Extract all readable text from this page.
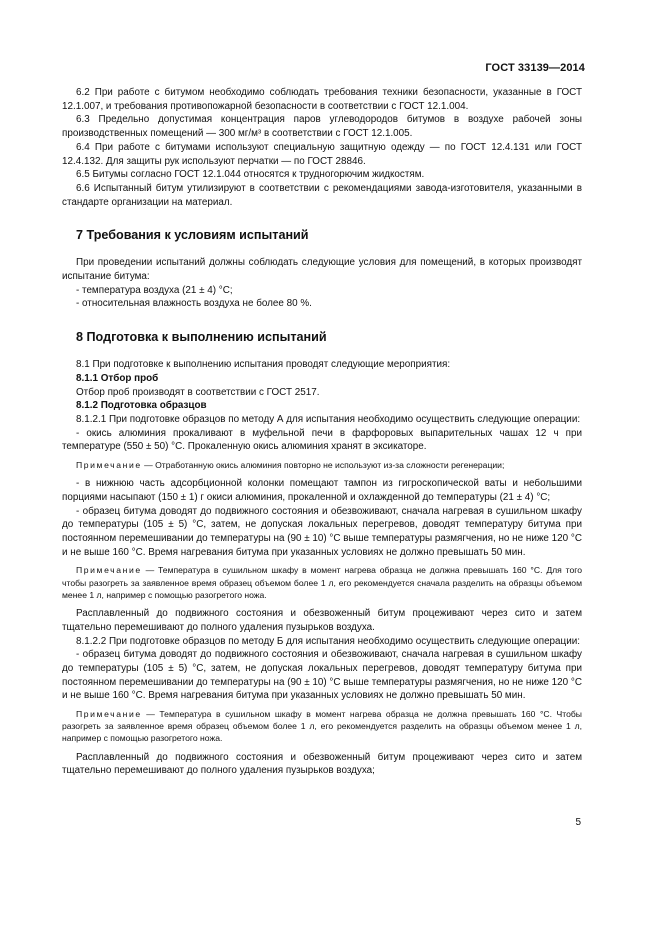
ГОСТ 33139—2014

6.2 При работе с битумом необходимо соблюдать требования техники безопасности, указанные в ГОСТ 12.1.007, и требования противопожарной безопасности в соответствии с ГОСТ 12.1.004.

6.3 Предельно допустимая концентрация паров углеводородов битумов в воздухе рабочей зоны производственных помещений — 300 мг/м³ в соответствии с ГОСТ 12.1.005.

6.4 При работе с битумами используют специальную защитную одежду — по ГОСТ 12.4.131 или ГОСТ 12.4.132. Для защиты рук используют перчатки — по ГОСТ 28846.

6.5 Битумы согласно ГОСТ 12.1.044 относятся к трудногорючим жидкостям.

6.6 Испытанный битум утилизируют в соответствии с рекомендациями завода-изготовителя, указанными в стандарте организации на материал.

7 Требования к условиям испытаний

При проведении испытаний должны соблюдать следующие условия для помещений, в которых производят испытание битума:

- температура воздуха (21 ± 4) °C;

- относительная влажность воздуха не более 80 %.

8 Подготовка к выполнению испытаний

8.1 При подготовке к выполнению испытания проводят следующие мероприятия:

8.1.1 Отбор проб

Отбор проб производят в соответствии с ГОСТ 2517.

8.1.2 Подготовка образцов

8.1.2.1 При подготовке образцов по методу А для испытания необходимо осуществить следующие операции:

- окись алюминия прокаливают в муфельной печи в фарфоровых выпарительных чашах 12 ч при температуре (550 ± 50) °C. Прокаленную окись алюминия хранят в эксикаторе.

Примечание — Отработанную окись алюминия повторно не используют из-за сложности регенерации;

- в нижнюю часть адсорбционной колонки помещают тампон из гигроскопической ваты и небольшими порциями насыпают (150 ± 1) г окиси алюминия, прокаленной и охлажденной до температуры (21 ± 4) °C;

- образец битума доводят до подвижного состояния и обезвоживают, сначала нагревая в сушильном шкафу до температуры (105 ± 5) °C, затем, не допуская локальных перегревов, доводят температуру битума при постоянном перемешивании до температуры на (90 ± 10) °C выше температуры размягчения, но не ниже 120 °C и не выше 160 °C. Время нагревания битума при указанных условиях не должно превышать 50 мин.

Примечание — Температура в сушильном шкафу в момент нагрева образца не должна превышать 160 °C. Для того чтобы разогреть за заявленное время образец объемом более 1 л, его рекомендуется сначала разделить на образцы объемом менее 1 л, например с помощью разогретого ножа.

Расплавленный до подвижного состояния и обезвоженный битум процеживают через сито и затем тщательно перемешивают до полного удаления пузырьков воздуха.

8.1.2.2 При подготовке образцов по методу Б для испытания необходимо осуществить следующие операции:

- образец битума доводят до подвижного состояния и обезвоживают, сначала нагревая в сушильном шкафу до температуры (105 ± 5) °C, затем, не допуская локальных перегревов, доводят температуру битума при постоянном перемешивании до температуры на (90 ± 10) °C выше температуры размягчения, но не ниже 120 °C и не выше 160 °C. Время нагревания битума при указанных условиях не должно превышать 50 мин.

Примечание — Температура в сушильном шкафу в момент нагрева образца не должна превышать 160 °C. Чтобы разогреть за заявленное время образец объемом более 1 л, его рекомендуется разделить на образцы объемом менее 1 л, например с помощью разогретого ножа.

Расплавленный до подвижного состояния и обезвоженный битум процеживают через сито и затем тщательно перемешивают до полного удаления пузырьков воздуха;

5
